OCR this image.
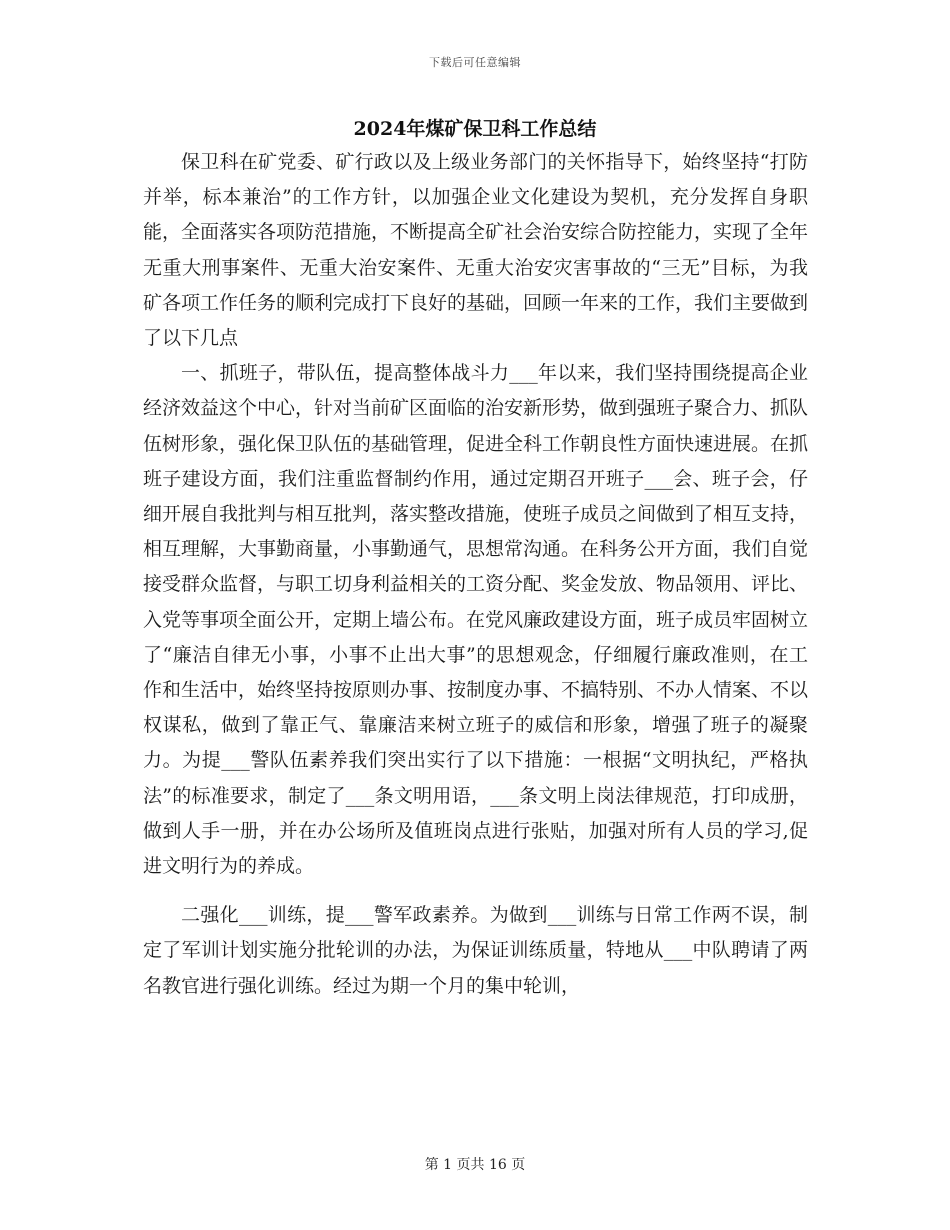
下载后可任意编辑
2024年煤矿保卫科工作总结

保卫科在矿党委、矿行政以及上级业务部门的关怀指导下，始终坚持“打防并举，标本兼治”的工作方针，以加强企业文化建设为契机，充分发挥自身职能，全面落实各项防范措施，不断提高全矿社会治安综合防控能力，实现了全年无重大刑事案件、无重大治安案件、无重大治安灾害事故的“三无”目标，为我矿各项工作任务的顺利完成打下良好的基础，回顾一年来的工作，我们主要做到了以下几点

一、抓班子，带队伍，提高整体战斗力___年以来，我们坚持围绕提高企业经济效益这个中心，针对当前矿区面临的治安新形势，做到强班子聚合力、抓队伍树形象，强化保卫队伍的基础管理，促进全科工作朝良性方面快速进展。在抓班子建设方面，我们注重监督制约作用，通过定期召开班子___会、班子会，仔细开展自我批判与相互批判，落实整改措施，使班子成员之间做到了相互支持，相互理解，大事勤商量，小事勤通气，思想常沟通。在科务公开方面，我们自觉接受群众监督，与职工切身利益相关的工资分配、奖金发放、物品领用、评比、入党等事项全面公开，定期上墙公布。在党风廉政建设方面，班子成员牢固树立了“廉洁自律无小事，小事不止出大事”的思想观念，仔细履行廉政准则，在工作和生活中，始终坚持按原则办事、按制度办事、不搞特别、不办人情案、不以权谋私，做到了靠正气、靠廉洁来树立班子的威信和形象，增强了班子的凝聚力。为提___警队伍素养我们突出实行了以下措施：一根据“文明执纪，严格执法”的标准要求，制定了___条文明用语，___条文明上岗法律规范，打印成册，做到人手一册，并在办公场所及值班岗点进行张贴，加强对所有人员的学习,促进文明行为的养成。

二强化___训练，提___警军政素养。为做到___训练与日常工作两不误，制定了军训计划实施分批轮训的办法，为保证训练质量，特地从___中队聘请了两名教官进行强化训练。经过为期一个月的集中轮训，

第 1 页共 16 页
